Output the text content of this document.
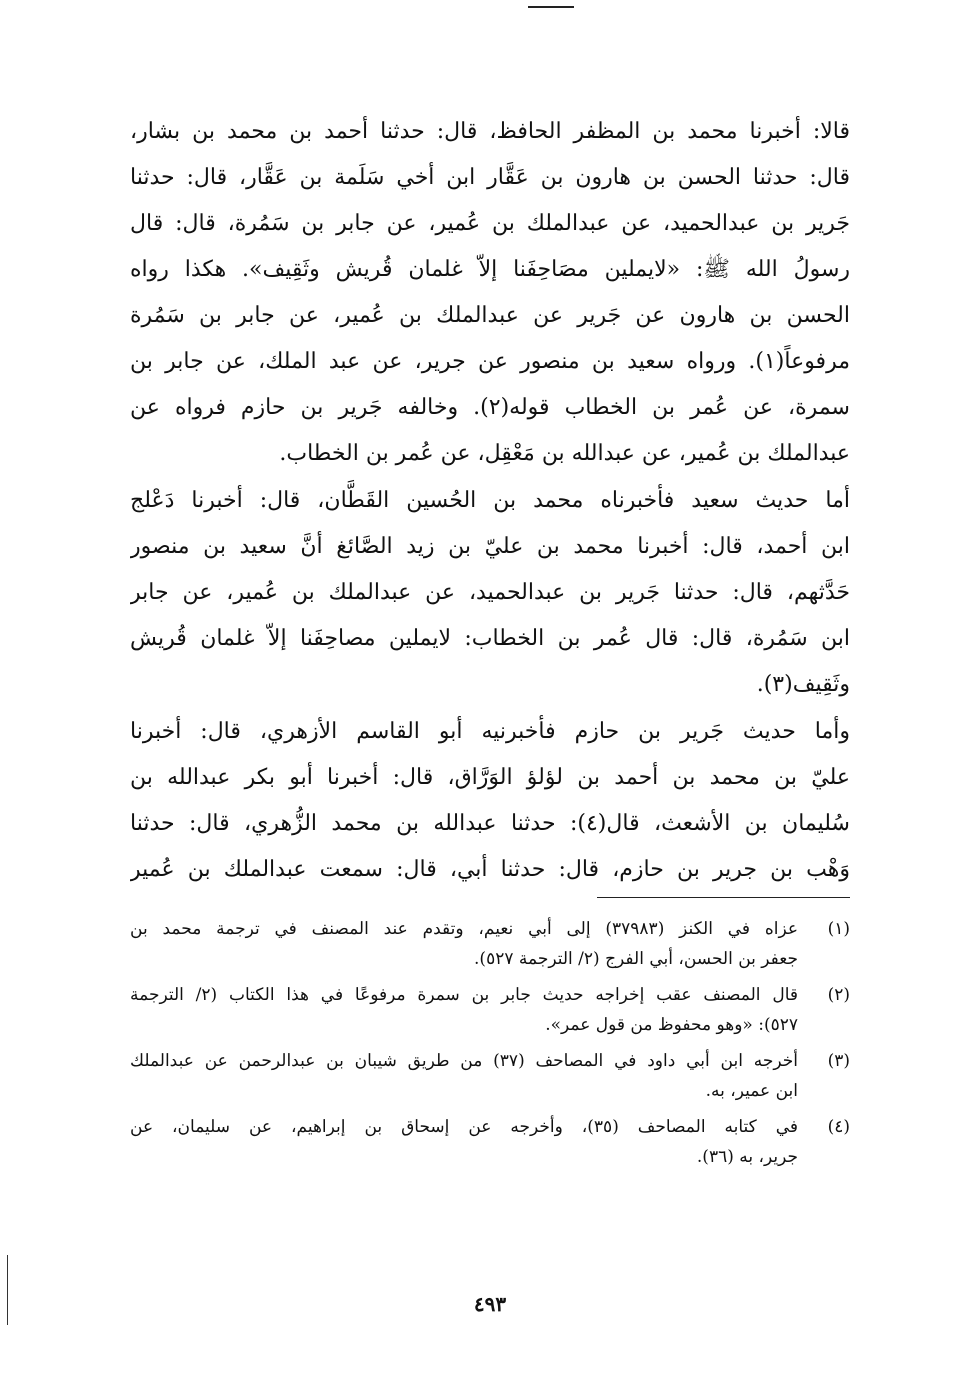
قالا: أخبرنا محمد بن المظفر الحافظ، قال: حدثنا أحمد بن محمد بن بشار،
قال: حدثنا الحسن بن هارون بن عَقَّار ابن أخي سَلَمة بن عَقَّار، قال: حدثنا
جَرير بن عبدالحميد، عن عبدالملك بن عُمير، عن جابر بن سَمُرة، قال: قال
رسولُ الله ﷺ: «لايملين مصَاحِفَنا إلاّ غلمان قُريش وثَقِيف». هكذا رواه
الحسن بن هارون عن جَرير عن عبدالملك بن عُمير، عن جابر بن سَمُرة
مرفوعاً(١). ورواه سعيد بن منصور عن جرير، عن عبد الملك، عن جابر بن
سمرة، عن عُمر بن الخطاب قوله(٢). وخالفه جَرير بن حازم فرواه عن
عبدالملك بن عُمير، عن عبدالله بن مَعْقِل، عن عُمر بن الخطاب.
أما حديث سعيد فأخبرناه محمد بن الحُسين القَطَّان، قال: أخبرنا دَعْلج
ابن أحمد، قال: أخبرنا محمد بن عليّ بن زيد الصَّائغ أنَّ سعيد بن منصور
حَدَّثهم، قال: حدثنا جَرير بن عبدالحميد، عن عبدالملك بن عُمير، عن جابر
ابن سَمُرة، قال: قال عُمر بن الخطاب: لايملين مصاحِفَنا إلاّ غلمان قُريش
وثَقِيف(٣).
وأما حديث جَرير بن حازم فأخبرنيه أبو القاسم الأزهري، قال: أخبرنا
عليّ بن محمد بن أحمد بن لؤلؤ الوَرَّاق، قال: أخبرنا أبو بكر عبدالله بن
سُليمان بن الأشعث، قال(٤): حدثنا عبدالله بن محمد الزُّهري، قال: حدثنا
وَهْب بن جرير بن حازم، قال: حدثنا أبي، قال: سمعت عبدالملك بن عُمير
(١)
عزاه في الكنز (٣٧٩٨٣) إلى أبي نعيم، وتقدم عند المصنف في ترجمة محمد بن
جعفر بن الحسن، أبي الفرج (٢/ الترجمة ٥٢٧).
(٢)
قال المصنف عقب إخراجه حديث جابر بن سمرة مرفوعًا في هذا الكتاب (٢/ الترجمة
٥٢٧): «وهو محفوظ من قول عمر».
(٣)
أخرجه ابن أبي داود في المصاحف (٣٧) من طريق شيبان بن عبدالرحمن عن عبدالملك
ابن عمير، به.
(٤)
في كتابه المصاحف (٣٥)، وأخرجه عن إسحاق بن إبراهيم، عن سليمان، عن
جرير، به (٣٦).
٤٩٣
